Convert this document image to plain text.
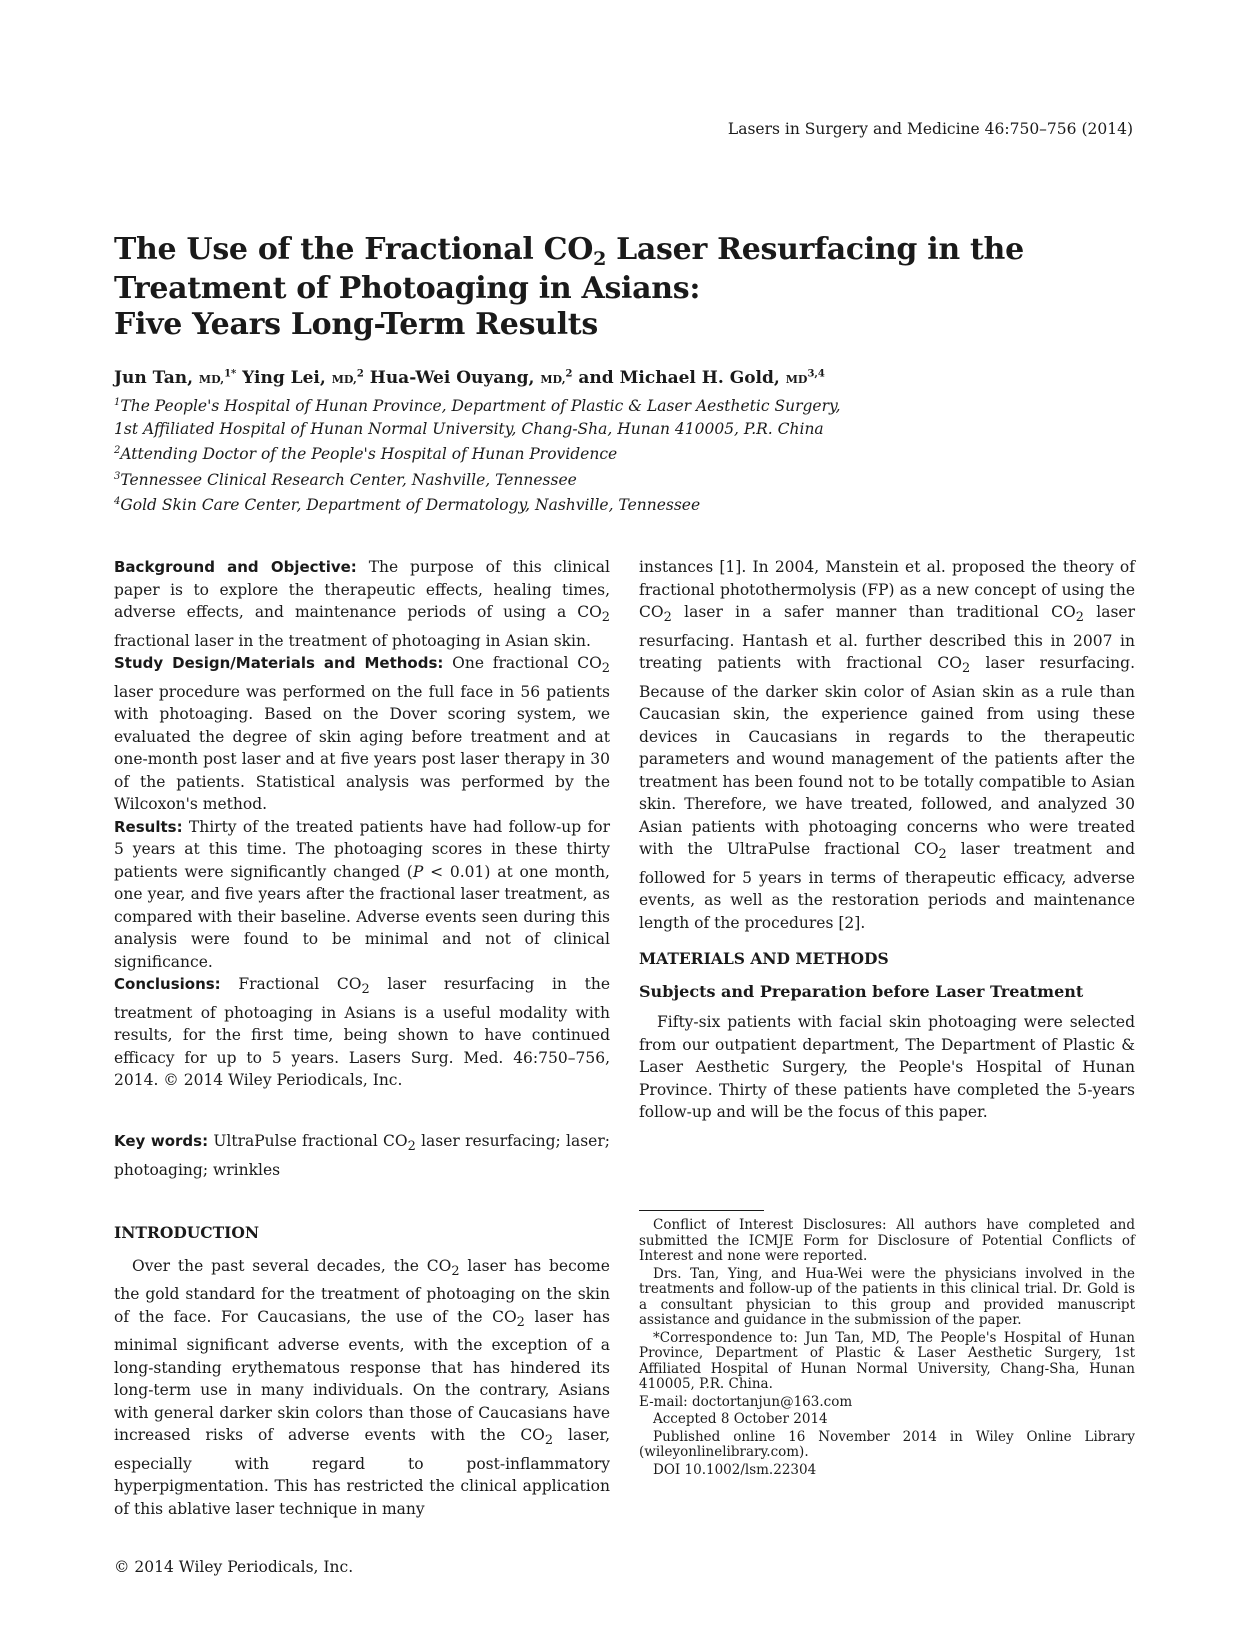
Lasers in Surgery and Medicine 46:750–756 (2014)
The Use of the Fractional $CO_2$ Laser Resurfacing in the
Treatment of Photoaging in Asians:
Five Years Long-Term Results
Jun Tan, MD,$^{1*}$ Ying Lei, MD,$^2$ Hua-Wei Ouyang, MD,$^2$ and Michael H. Gold, MD$^{3,4}$
$^1$The People's Hospital of Hunan Province, Department of Plastic & Laser Aesthetic Surgery,
1st Affiliated Hospital of Hunan Normal University, Chang-Sha, Hunan 410005, P.R. China
$^2$Attending Doctor of the People's Hospital of Hunan Providence
$^3$Tennessee Clinical Research Center, Nashville, Tennessee
$^4$Gold Skin Care Center, Department of Dermatology, Nashville, Tennessee

Background and Objective: The purpose of this clinical paper is to explore the therapeutic effects, healing times, adverse effects, and maintenance periods of using a $CO_2$ fractional laser in the treatment of photoaging in Asian skin.

Study Design/Materials and Methods: One fractional $CO_2$ laser procedure was performed on the full face in 56 patients with photoaging. Based on the Dover scoring system, we evaluated the degree of skin aging before treatment and at one-month post laser and at five years post laser therapy in 30 of the patients. Statistical analysis was performed by the Wilcoxon's method.

Results: Thirty of the treated patients have had follow-up for 5 years at this time. The photoaging scores in these thirty patients were significantly changed (P < 0.01) at one month, one year, and five years after the fractional laser treatment, as compared with their baseline. Adverse events seen during this analysis were found to be minimal and not of clinical significance.

Conclusions: Fractional $CO_2$ laser resurfacing in the treatment of photoaging in Asians is a useful modality with results, for the first time, being shown to have continued efficacy for up to 5 years. Lasers Surg. Med. 46:750–756, 2014. © 2014 Wiley Periodicals, Inc.

Key words: UltraPulse fractional $CO_2$ laser resurfacing; laser; photoaging; wrinkles

INTRODUCTION

Over the past several decades, the $CO_2$ laser has become the gold standard for the treatment of photoaging on the skin of the face. For Caucasians, the use of the $CO_2$ laser has minimal significant adverse events, with the exception of a long-standing erythematous response that has hindered its long-term use in many individuals. On the contrary, Asians with general darker skin colors than those of Caucasians have increased risks of adverse events with the $CO_2$ laser, especially with regard to post-inflammatory hyperpigmentation. This has restricted the clinical application of this ablative laser technique in many

instances [1]. In 2004, Manstein et al. proposed the theory of fractional photothermolysis (FP) as a new concept of using the $CO_2$ laser in a safer manner than traditional $CO_2$ laser resurfacing. Hantash et al. further described this in 2007 in treating patients with fractional $CO_2$ laser resurfacing. Because of the darker skin color of Asian skin as a rule than Caucasian skin, the experience gained from using these devices in Caucasians in regards to the therapeutic parameters and wound management of the patients after the treatment has been found not to be totally compatible to Asian skin. Therefore, we have treated, followed, and analyzed 30 Asian patients with photoaging concerns who were treated with the UltraPulse fractional $CO_2$ laser treatment and followed for 5 years in terms of therapeutic efficacy, adverse events, as well as the restoration periods and maintenance length of the procedures [2].

MATERIALS AND METHODS
Subjects and Preparation before Laser Treatment

Fifty-six patients with facial skin photoaging were selected from our outpatient department, The Department of Plastic & Laser Aesthetic Surgery, the People's Hospital of Hunan Province. Thirty of these patients have completed the 5-years follow-up and will be the focus of this paper.

Conflict of Interest Disclosures: All authors have completed and submitted the ICMJE Form for Disclosure of Potential Conflicts of Interest and none were reported.

Drs. Tan, Ying, and Hua-Wei were the physicians involved in the treatments and follow-up of the patients in this clinical trial. Dr. Gold is a consultant physician to this group and provided manuscript assistance and guidance in the submission of the paper.

*Correspondence to: Jun Tan, MD, The People's Hospital of Hunan Province, Department of Plastic & Laser Aesthetic Surgery, 1st Affiliated Hospital of Hunan Normal University, Chang-Sha, Hunan 410005, P.R. China.

E-mail: doctortanjun@163.com

Accepted 8 October 2014

Published online 16 November 2014 in Wiley Online Library (wileyonlinelibrary.com).

DOI 10.1002/lsm.22304

© 2014 Wiley Periodicals, Inc.
